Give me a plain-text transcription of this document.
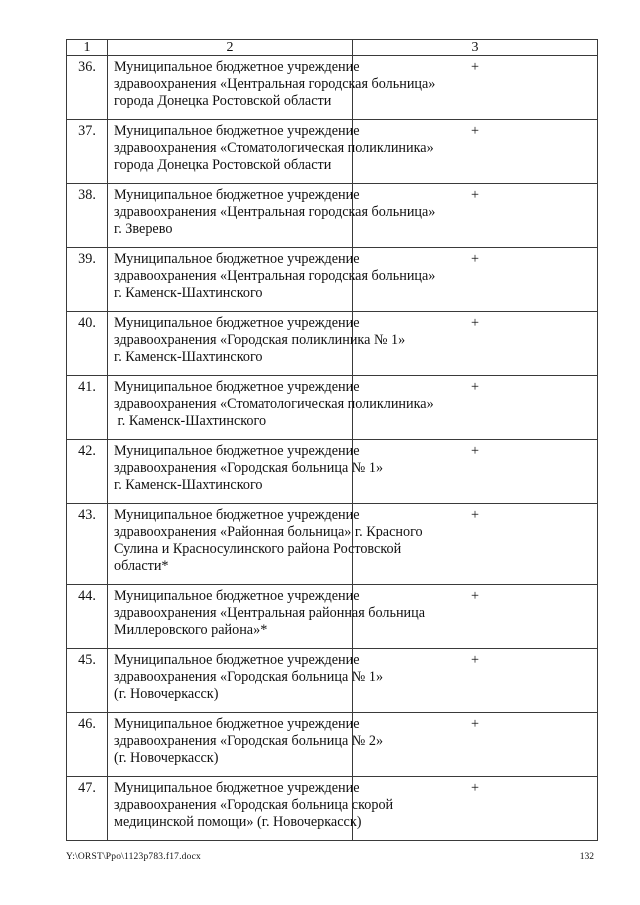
1	2	3

36.	Муниципальное бюджетное учреждение
здравоохранения «Центральная городская больница»
города Донецка Ростовской области	+

37.	Муниципальное бюджетное учреждение
здравоохранения «Стоматологическая поликлиника»
города Донецка Ростовской области	+

38.	Муниципальное бюджетное учреждение
здравоохранения «Центральная городская больница»
г. Зверево	+

39.	Муниципальное бюджетное учреждение
здравоохранения «Центральная городская больница»
г. Каменск-Шахтинского	+

40.	Муниципальное бюджетное учреждение
здравоохранения «Городская поликлиника № 1»
г. Каменск-Шахтинского	+

41.	Муниципальное бюджетное учреждение
здравоохранения «Стоматологическая поликлиника»
г. Каменск-Шахтинского	+

42.	Муниципальное бюджетное учреждение
здравоохранения «Городская больница № 1»
г. Каменск-Шахтинского	+

43.	Муниципальное бюджетное учреждение
здравоохранения «Районная больница» г. Красного
Сулина и Красносулинского района Ростовской
области*	+

44.	Муниципальное бюджетное учреждение
здравоохранения «Центральная районная больница
Миллеровского района»*	+

45.	Муниципальное бюджетное учреждение
здравоохранения «Городская больница № 1»
(г. Новочеркасск)	+

46.	Муниципальное бюджетное учреждение
здравоохранения «Городская больница № 2»
(г. Новочеркасск)	+

47.	Муниципальное бюджетное учреждение
здравоохранения «Городская больница скорой
медицинской помощи» (г. Новочеркасск)	+
Y:\ORST\Ppo\1123p783.f17.docx	132
